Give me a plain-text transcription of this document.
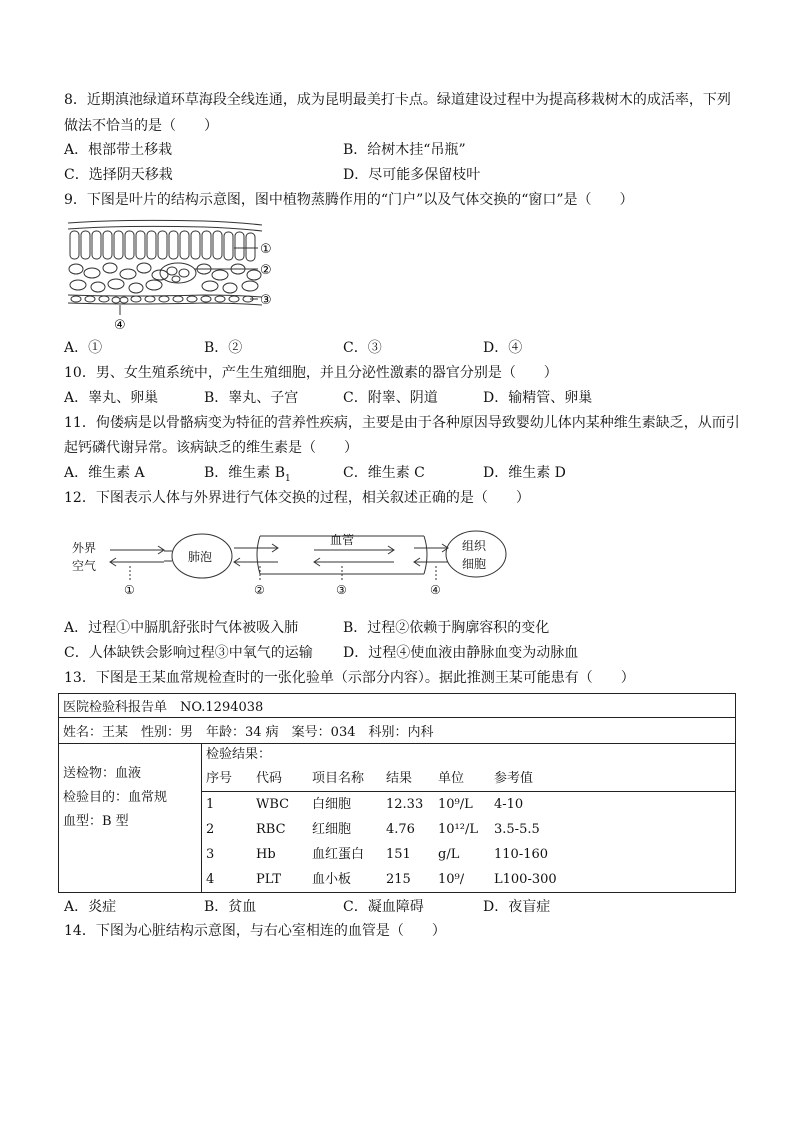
8．近期滇池绿道环草海段全线连通，成为昆明最美打卡点。绿道建设过程中为提高移栽树木的成活率，下列
做法不恰当的是（　　）
A．根部带土移栽	B．给树木挂“吊瓶”
C．选择阴天移栽	D．尽可能多保留枝叶
9．下图是叶片的结构示意图，图中植物蒸腾作用的“门户”以及气体交换的“窗口”是（　　）
①
②
③
④
A．①	B．②	C．③	D．④
10．男、女生殖系统中，产生生殖细胞，并且分泌性激素的器官分别是（　　）
A．睾丸、卵巢	B．睾丸、子宫	C．附睾、阴道	D．输精管、卵巢
11．佝偻病是以骨骼病变为特征的营养性疾病，主要是由于各种原因导致婴幼儿体内某种维生素缺乏，从而引
起钙磷代谢异常。该病缺乏的维生素是（　　）
A．维生素 A	B．维生素 $B_1$	C．维生素 C	D．维生素 D
12．下图表示人体与外界进行气体交换的过程，相关叙述正确的是（　　）
外界
空气
肺泡
血管	组织
细胞
①	②	③	④
A．过程①中膈肌舒张时气体被吸入肺	B．过程②依赖于胸廓容积的变化
C．人体缺铁会影响过程③中氧气的运输 D．过程④使血液由静脉血变为动脉血
13．下图是王某血常规检查时的一张化验单（示部分内容）。据此推测王某可能患有（　　）
医院检验科报告单　NO.1294038
姓名：王某　性别：男　年龄：34 病　案号：034　科别：内科

送检物：血液
检验目的：血常规
血型：B 型

检验结果：
序号	代码	项目名称	结果	单位	参考值
1	WBC	白细胞	12.33	10⁹/L	4-10
2	RBC	红细胞	4.76	10¹²/L	3.5-5.5
3	Hb	血红蛋白	151	g/L	110-160
4	PLT	血小板	215	10⁹/	L100-300
A．炎症	B．贫血	C．凝血障碍	D．夜盲症
14．下图为心脏结构示意图，与右心室相连的血管是（　　）
